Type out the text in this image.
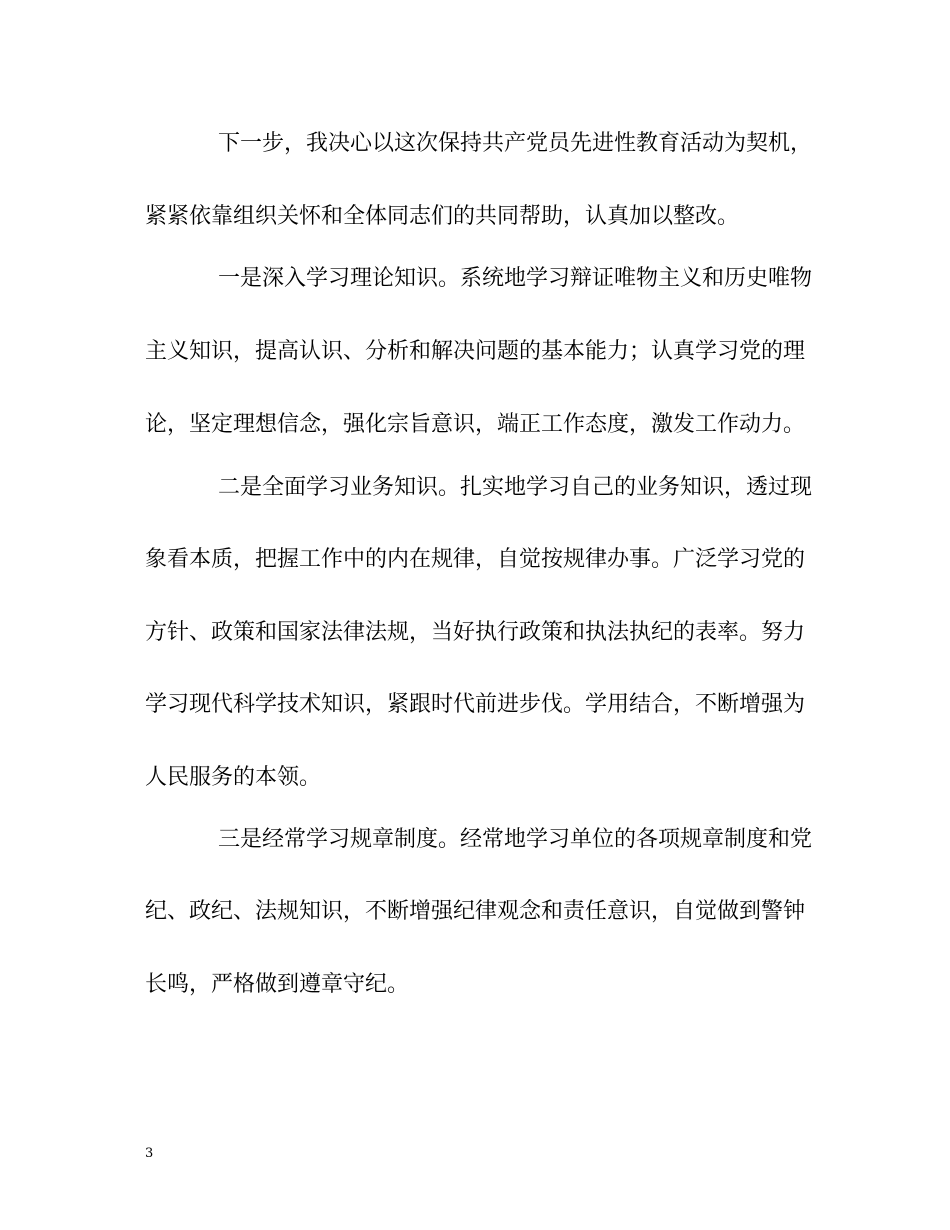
下一步，我决心以这次保持共产党员先进性教育活动为契机，
紧紧依靠组织关怀和全体同志们的共同帮助，认真加以整改。
一是深入学习理论知识。系统地学习辩证唯物主义和历史唯物
主义知识，提高认识、分析和解决问题的基本能力；认真学习党的理
论，坚定理想信念，强化宗旨意识，端正工作态度，激发工作动力。
二是全面学习业务知识。扎实地学习自己的业务知识，透过现
象看本质，把握工作中的内在规律，自觉按规律办事。广泛学习党的
方针、政策和国家法律法规，当好执行政策和执法执纪的表率。努力
学习现代科学技术知识，紧跟时代前进步伐。学用结合，不断增强为
人民服务的本领。
三是经常学习规章制度。经常地学习单位的各项规章制度和党
纪、政纪、法规知识，不断增强纪律观念和责任意识，自觉做到警钟
长鸣，严格做到遵章守纪。
3
